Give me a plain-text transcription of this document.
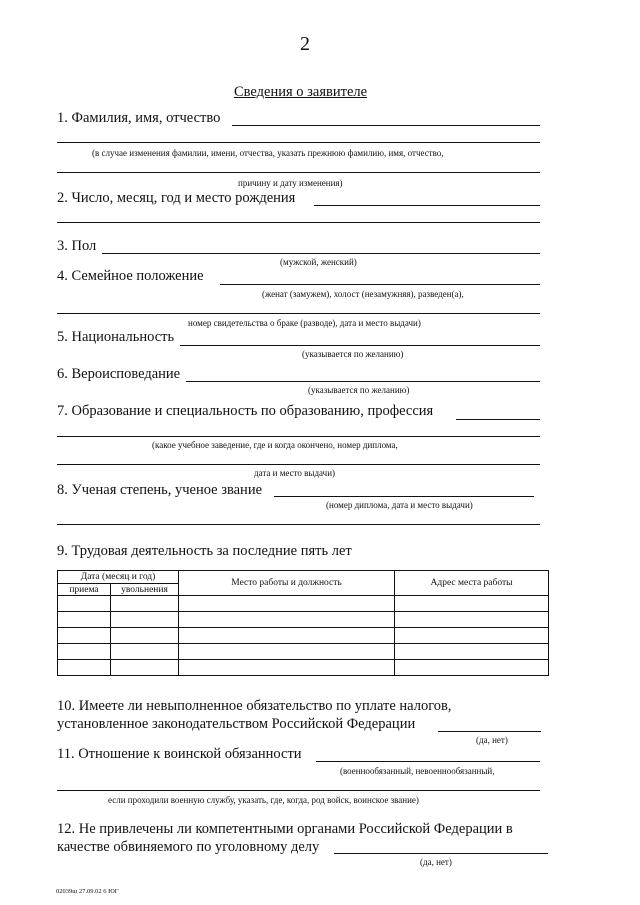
2
Сведения о заявителе
1. Фамилия, имя, отчество
(в случае изменения фамилии, имени, отчества, указать прежнюю фамилию, имя, отчество,
причину и дату изменения)
2. Число, месяц, год и место рождения
3. Пол
(мужской, женский)
4. Семейное положение
(женат (замужем), холост (незамужняя), разведен(а),
номер свидетельства о браке (разводе), дата и место выдачи)
5. Национальность
(указывается по желанию)
6. Вероисповедание
(указывается по желанию)
7. Образование и специальность по образованию, профессия
(какое учебное заведение, где и когда окончено, номер диплома,
дата и место выдачи)
8. Ученая степень, ученое звание
(номер диплома, дата и место выдачи)
9. Трудовая деятельность за последние пять лет
Дата (месяц и год)		Место работы и должность	Адрес места работы
приема	увольнения		

10. Имеете ли невыполненное обязательство по уплате налогов,
установленное законодательством Российской Федерации
(да, нет)
11. Отношение к воинской обязанности
(военнообязанный, невоеннообязанный,
если проходили военную службу, указать, где, когда, род войск, воинское звание)
12. Не привлечены ли компетентными органами Российской Федерации в
качестве обвиняемого по уголовному делу
(да, нет)
02039ш 27.09.02 6 ЮГ
